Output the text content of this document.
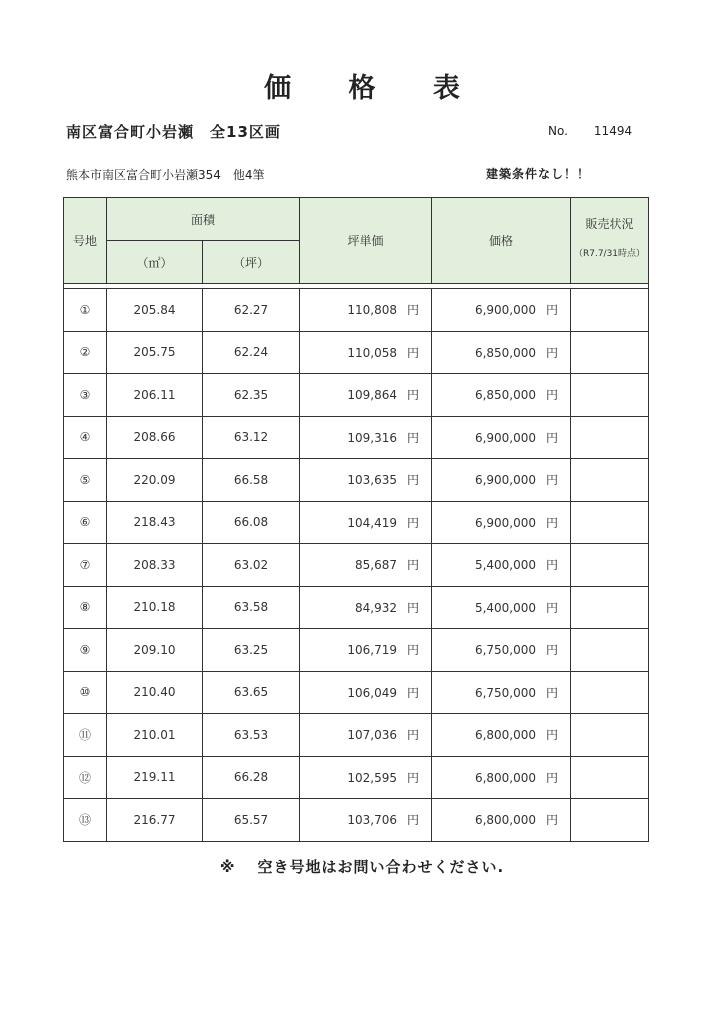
価 格 表
南区富合町小岩瀬　全13区画	No. 11494
熊本市南区富合町小岩瀬354　他4筆	建築条件なし！！
号地	面積		坪単価	価格	販売状況
（R7.7/31時点）

	（㎡）	（坪）			

①	205.84	62.27	110,808 円	6,900,000 円	
②	205.75	62.24	110,058 円	6,850,000 円	
③	206.11	62.35	109,864 円	6,850,000 円	
④	208.66	63.12	109,316 円	6,900,000 円	
⑤	220.09	66.58	103,635 円	6,900,000 円	
⑥	218.43	66.08	104,419 円	6,900,000 円	
⑦	208.33	63.02	85,687 円	5,400,000 円	
⑧	210.18	63.58	84,932 円	5,400,000 円	
⑨	209.10	63.25	106,719 円	6,750,000 円	
⑩	210.40	63.65	106,049 円	6,750,000 円	
⑪	210.01	63.53	107,036 円	6,800,000 円	
⑫	219.11	66.28	102,595 円	6,800,000 円	
⑬	216.77	65.57	103,706 円	6,800,000 円	
※ 空き号地はお問い合わせください.
